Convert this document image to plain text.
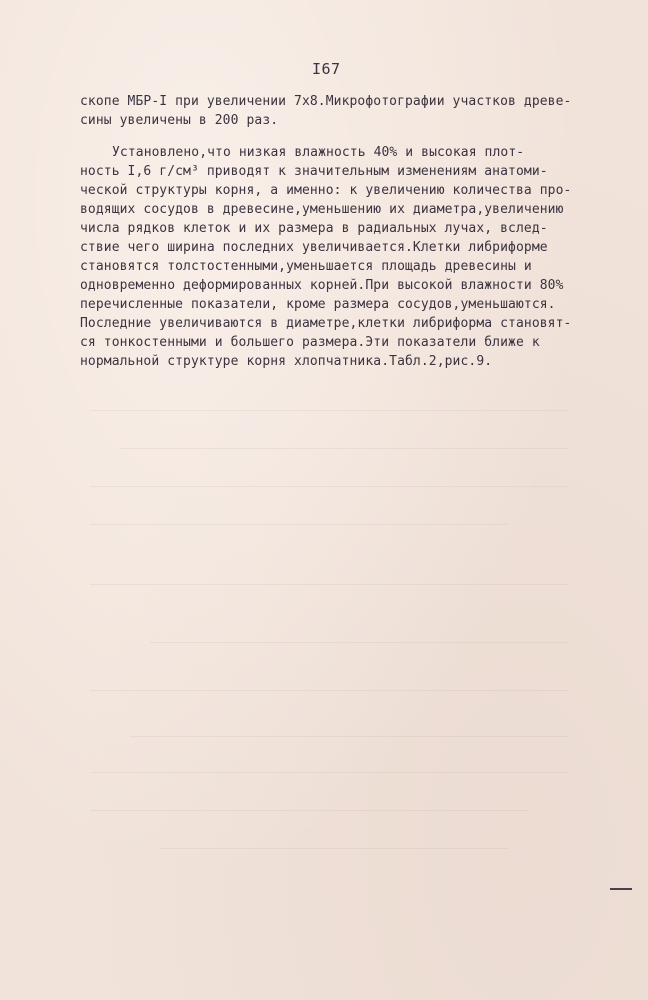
I67
скопе МБР-I при увеличении 7х8.Микрофотографии участков древе-
сины увеличены в 200 раз.
Установлено,что низкая влажность 40% и высокая плот-
ность I,6 г/см³ приводят к значительным изменениям анатоми-
ческой структуры корня, а именно: к увеличению количества про-
водящих сосудов в древесине,уменьшению их диаметра,увеличению
числа рядков клеток и их размера в радиальных лучах, вслед-
ствие чего ширина последних увеличивается.Клетки либриформе
становятся толстостенными,уменьшается площадь древесины и
одновременно деформированных корней.При высокой влажности 80%
перечисленные показатели, кроме размера сосудов,уменьшаются.
Последние увеличиваются в диаметре,клетки либриформа становят-
ся тонкостенными и большего размера.Эти показатели ближе к
нормальной структуре корня хлопчатника.Табл.2,рис.9.
